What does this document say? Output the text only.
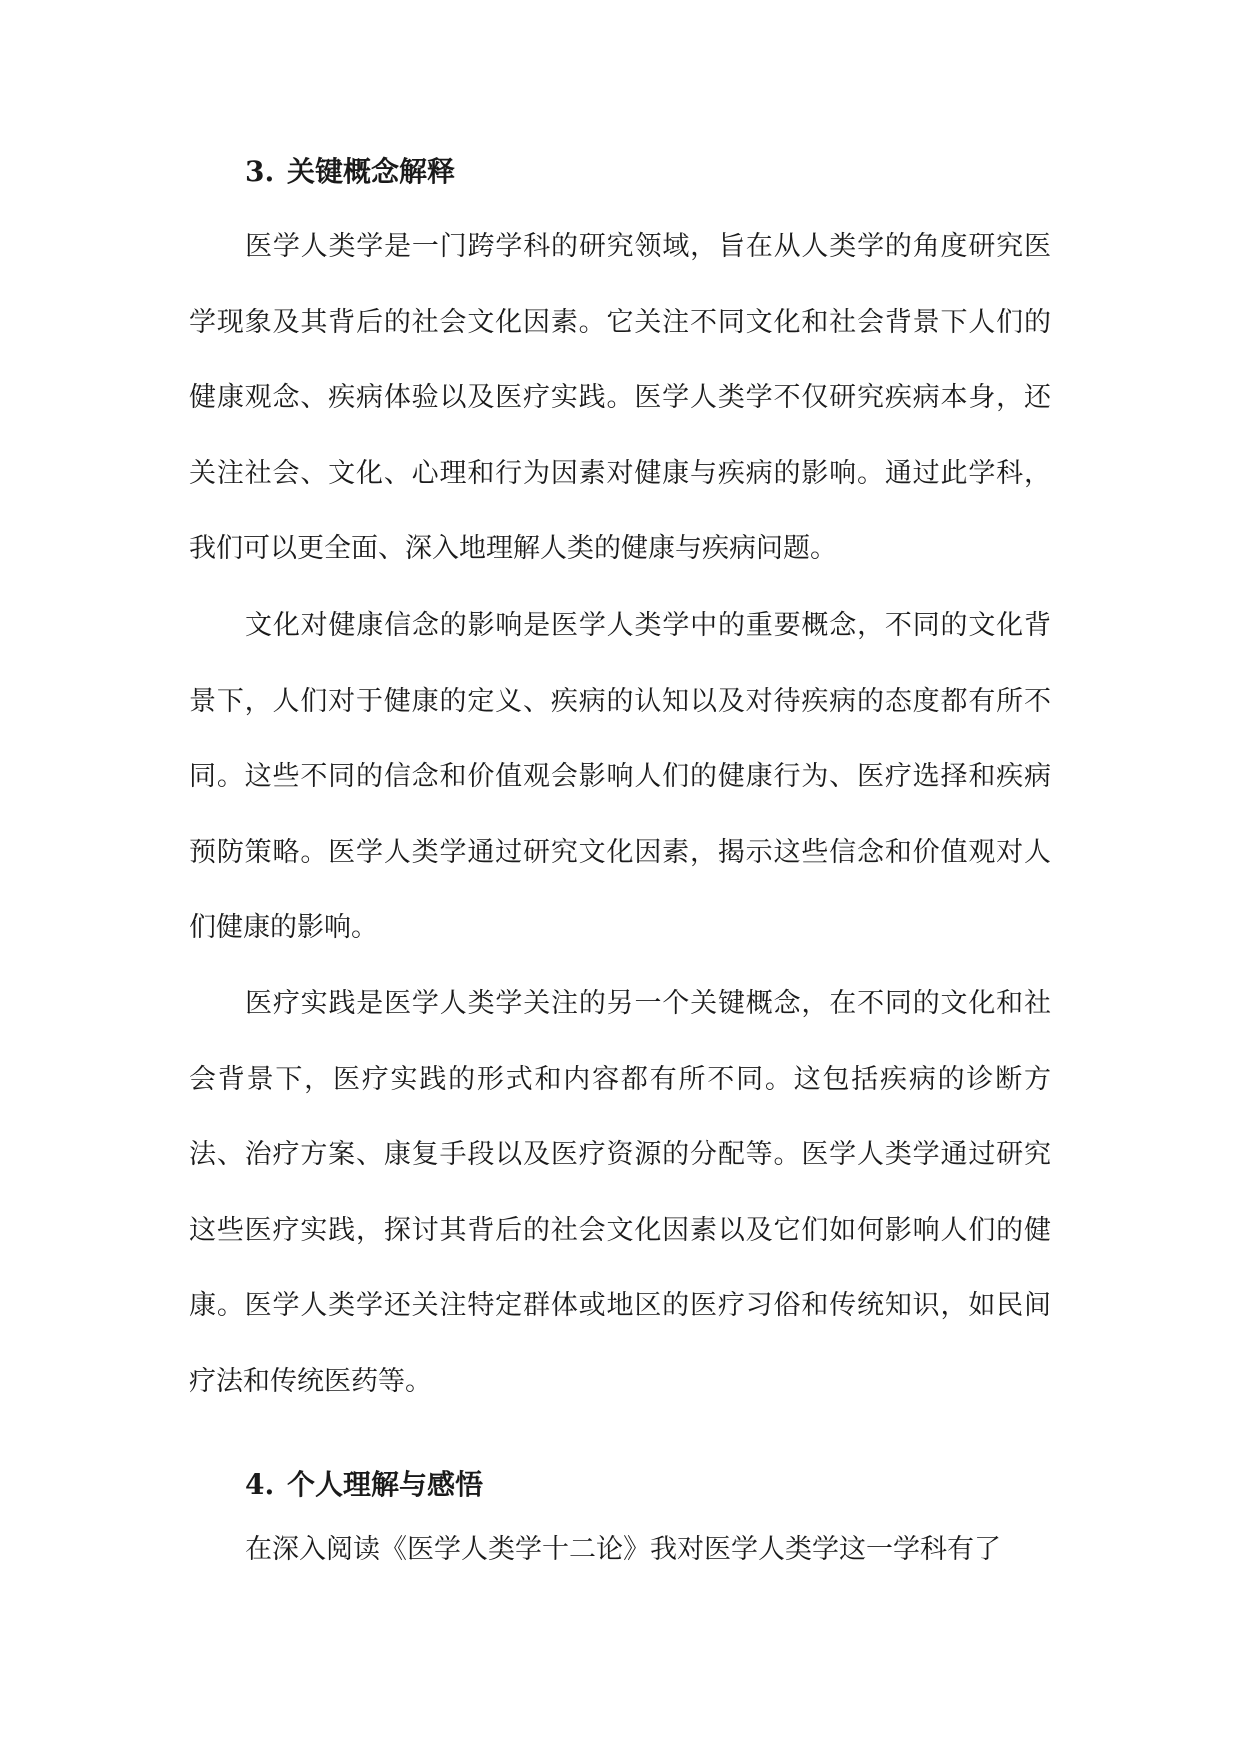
3. 关键概念解释

医学人类学是一门跨学科的研究领域，旨在从人类学的角度研究医学现象及其背后的社会文化因素。它关注不同文化和社会背景下人们的健康观念、疾病体验以及医疗实践。医学人类学不仅研究疾病本身，还关注社会、文化、心理和行为因素对健康与疾病的影响。通过此学科，我们可以更全面、深入地理解人类的健康与疾病问题。

文化对健康信念的影响是医学人类学中的重要概念，不同的文化背景下，人们对于健康的定义、疾病的认知以及对待疾病的态度都有所不同。这些不同的信念和价值观会影响人们的健康行为、医疗选择和疾病预防策略。医学人类学通过研究文化因素，揭示这些信念和价值观对人们健康的影响。

医疗实践是医学人类学关注的另一个关键概念，在不同的文化和社会背景下，医疗实践的形式和内容都有所不同。这包括疾病的诊断方法、治疗方案、康复手段以及医疗资源的分配等。医学人类学通过研究这些医疗实践，探讨其背后的社会文化因素以及它们如何影响人们的健康。医学人类学还关注特定群体或地区的医疗习俗和传统知识，如民间疗法和传统医药等。

4. 个人理解与感悟

在深入阅读《医学人类学十二论》我对医学人类学这一学科有了
